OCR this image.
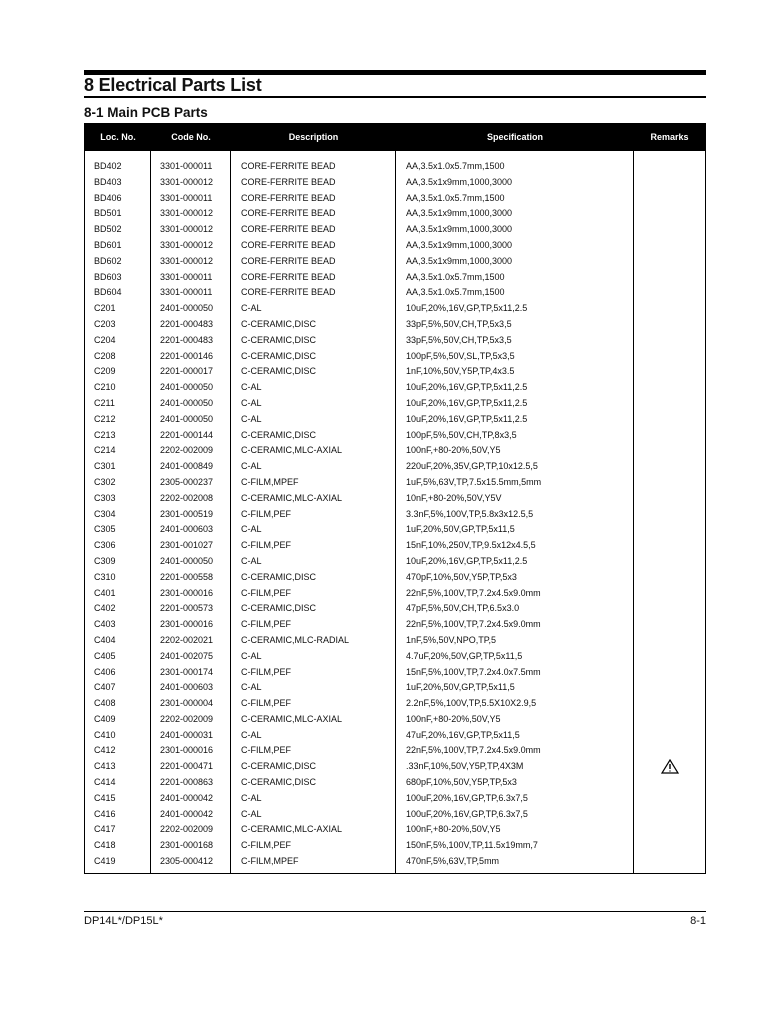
8 Electrical Parts List
8-1 Main PCB Parts
Loc. No.	Code No.	Description	Specification	Remarks
BD402	3301-000011	CORE-FERRITE BEAD	AA,3.5x1.0x5.7mm,1500
BD403	3301-000012	CORE-FERRITE BEAD	AA,3.5x1x9mm,1000,3000
BD406	3301-000011	CORE-FERRITE BEAD	AA,3.5x1.0x5.7mm,1500
BD501	3301-000012	CORE-FERRITE BEAD	AA,3.5x1x9mm,1000,3000
BD502	3301-000012	CORE-FERRITE BEAD	AA,3.5x1x9mm,1000,3000
BD601	3301-000012	CORE-FERRITE BEAD	AA,3.5x1x9mm,1000,3000
BD602	3301-000012	CORE-FERRITE BEAD	AA,3.5x1x9mm,1000,3000
BD603	3301-000011	CORE-FERRITE BEAD	AA,3.5x1.0x5.7mm,1500
BD604	3301-000011	CORE-FERRITE BEAD	AA,3.5x1.0x5.7mm,1500
C201	2401-000050	C-AL	10uF,20%,16V,GP,TP,5x11,2.5
C203	2201-000483	C-CERAMIC,DISC	33pF,5%,50V,CH,TP,5x3,5
C204	2201-000483	C-CERAMIC,DISC	33pF,5%,50V,CH,TP,5x3,5
C208	2201-000146	C-CERAMIC,DISC	100pF,5%,50V,SL,TP,5x3,5
C209	2201-000017	C-CERAMIC,DISC	1nF,10%,50V,Y5P,TP,4x3.5
C210	2401-000050	C-AL	10uF,20%,16V,GP,TP,5x11,2.5
C211	2401-000050	C-AL	10uF,20%,16V,GP,TP,5x11,2.5
C212	2401-000050	C-AL	10uF,20%,16V,GP,TP,5x11,2.5
C213	2201-000144	C-CERAMIC,DISC	100pF,5%,50V,CH,TP,8x3,5
C214	2202-002009	C-CERAMIC,MLC-AXIAL	100nF,+80-20%,50V,Y5
C301	2401-000849	C-AL	220uF,20%,35V,GP,TP,10x12.5,5
C302	2305-000237	C-FILM,MPEF	1uF,5%,63V,TP,7.5x15.5mm,5mm
C303	2202-002008	C-CERAMIC,MLC-AXIAL	10nF,+80-20%,50V,Y5V
C304	2301-000519	C-FILM,PEF	3.3nF,5%,100V,TP,5.8x3x12.5,5
C305	2401-000603	C-AL	1uF,20%,50V,GP,TP,5x11,5
C306	2301-001027	C-FILM,PEF	15nF,10%,250V,TP,9.5x12x4.5,5
C309	2401-000050	C-AL	10uF,20%,16V,GP,TP,5x11,2.5
C310	2201-000558	C-CERAMIC,DISC	470pF,10%,50V,Y5P,TP,5x3
C401	2301-000016	C-FILM,PEF	22nF,5%,100V,TP,7.2x4.5x9.0mm
C402	2201-000573	C-CERAMIC,DISC	47pF,5%,50V,CH,TP,6.5x3.0
C403	2301-000016	C-FILM,PEF	22nF,5%,100V,TP,7.2x4.5x9.0mm
C404	2202-002021	C-CERAMIC,MLC-RADIAL	1nF,5%,50V,NPO,TP,5
C405	2401-002075	C-AL	4.7uF,20%,50V,GP,TP,5x11,5
C406	2301-000174	C-FILM,PEF	15nF,5%,100V,TP,7.2x4.0x7.5mm
C407	2401-000603	C-AL	1uF,20%,50V,GP,TP,5x11,5
C408	2301-000004	C-FILM,PEF	2.2nF,5%,100V,TP,5.5X10X2.9,5
C409	2202-002009	C-CERAMIC,MLC-AXIAL	100nF,+80-20%,50V,Y5
C410	2401-000031	C-AL	47uF,20%,16V,GP,TP,5x11,5
C412	2301-000016	C-FILM,PEF	22nF,5%,100V,TP,7.2x4.5x9.0mm
C413	2201-000471	C-CERAMIC,DISC	.33nF,10%,50V,Y5P,TP,4X3M
C414	2201-000863	C-CERAMIC,DISC	680pF,10%,50V,Y5P,TP,5x3
C415	2401-000042	C-AL	100uF,20%,16V,GP,TP,6.3x7,5
C416	2401-000042	C-AL	100uF,20%,16V,GP,TP,6.3x7,5
C417	2202-002009	C-CERAMIC,MLC-AXIAL	100nF,+80-20%,50V,Y5
C418	2301-000168	C-FILM,PEF	150nF,5%,100V,TP,11.5x19mm,7
C419	2305-000412	C-FILM,MPEF	470nF,5%,63V,TP,5mm
DP14L*/DP15L*	8-1
